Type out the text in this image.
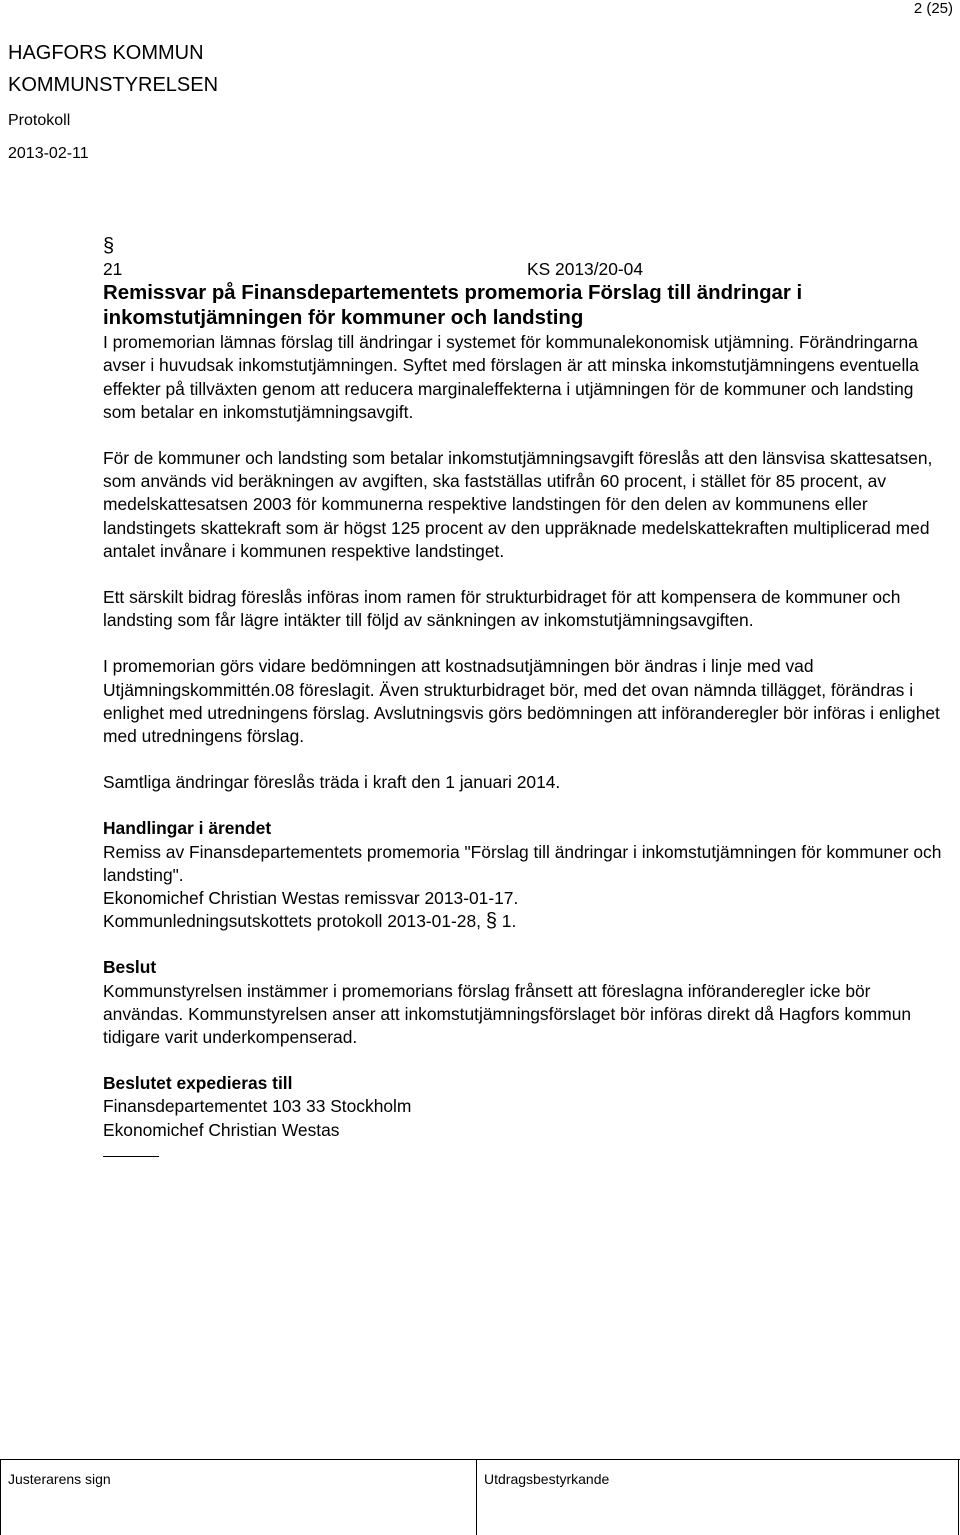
2 (25)
HAGFORS KOMMUN
KOMMUNSTYRELSEN
Protokoll
2013-02-11
§
21	KS 2013/20-04
Remissvar på Finansdepartementets promemoria Förslag till ändringar i inkomstutjämningen för kommuner och landsting

I promemorian lämnas förslag till ändringar i systemet för kommunalekonomisk utjämning. Förändringarna avser i huvudsak inkomstutjämningen. Syftet med förslagen är att minska inkomstutjämningens eventuella effekter på tillväxten genom att reducera marginaleffekterna i utjämningen för de kommuner och landsting som betalar en inkomstutjämningsavgift.

För de kommuner och landsting som betalar inkomstutjämningsavgift föreslås att den länsvisa skattesatsen, som används vid beräkningen av avgiften, ska fastställas utifrån 60 procent, i stället för 85 procent, av medelskattesatsen 2003 för kommunerna respektive landstingen för den delen av kommunens eller landstingets skattekraft som är högst 125 procent av den uppräknade medelskattekraften multiplicerad med antalet invånare i kommunen respektive landstinget.

Ett särskilt bidrag föreslås införas inom ramen för strukturbidraget för att kompensera de kommuner och landsting som får lägre intäkter till följd av sänkningen av inkomstutjämningsavgiften.

I promemorian görs vidare bedömningen att kostnadsutjämningen bör ändras i linje med vad Utjämningskommittén.08 föreslagit. Även strukturbidraget bör, med det ovan nämnda tillägget, förändras i enlighet med utredningens förslag. Avslutningsvis görs bedömningen att införanderegler bör införas i enlighet med utredningens förslag.

Samtliga ändringar föreslås träda i kraft den 1 januari 2014.

Handlingar i ärendet

Remiss av Finansdepartementets promemoria "Förslag till ändringar i inkomstutjämningen för kommuner och landsting".

Ekonomichef Christian Westas remissvar 2013-01-17.

Kommunledningsutskottets protokoll 2013-01-28, § 1.

Beslut

Kommunstyrelsen instämmer i promemorians förslag frånsett att föreslagna införanderegler icke bör användas. Kommunstyrelsen anser att inkomstutjämningsförslaget bör införas direkt då Hagfors kommun tidigare varit underkompenserad.

Beslutet expedieras till

Finansdepartementet 103 33 Stockholm

Ekonomichef Christian Westas

Justerarens sign	Utdragsbestyrkande
